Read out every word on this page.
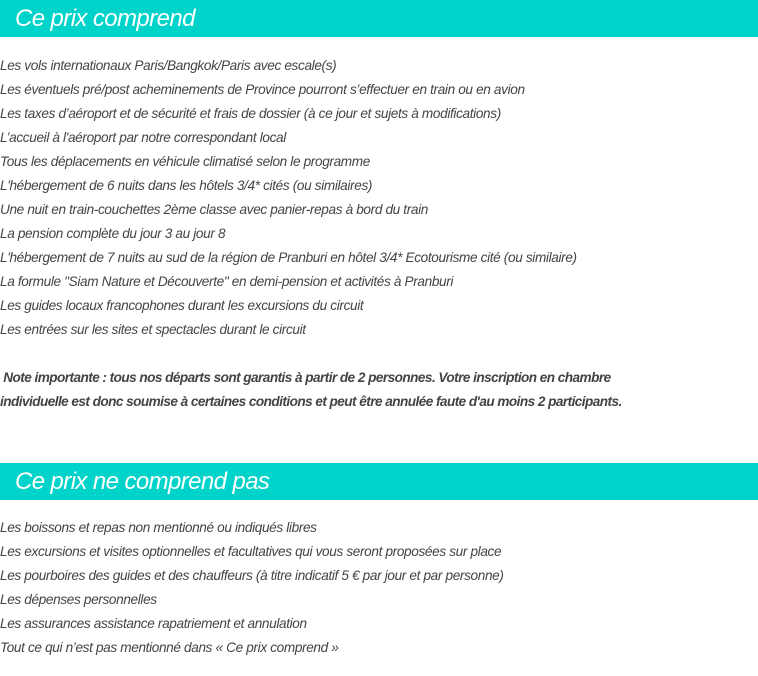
Ce prix comprend
Les vols internationaux Paris/Bangkok/Paris avec escale(s)
Les éventuels pré/post acheminements de Province pourront s’effectuer en train ou en avion
Les taxes d’aéroport et de sécurité et frais de dossier (à ce jour et sujets à modifications)
L’accueil à l'aéroport par notre correspondant local
Tous les déplacements en véhicule climatisé selon le programme
L'hébergement de 6 nuits dans les hôtels 3/4* cités (ou similaires)
Une nuit en train-couchettes 2ème classe avec panier-repas à bord du train
La pension complète du jour 3 au jour 8
L'hébergement de 7 nuits au sud de la région de Pranburi en hôtel 3/4* Ecotourisme cité (ou similaire)
La formule "Siam Nature et Découverte" en demi-pension et activités à Pranburi
Les guides locaux francophones durant les excursions du circuit
Les entrées sur les sites et spectacles durant le circuit

Note importante : tous nos départs sont garantis à partir de 2 personnes. Votre inscription en chambre
individuelle est donc soumise à certaines conditions et peut être annulée faute d'au moins 2 participants.

Ce prix ne comprend pas
Les boissons et repas non mentionné ou indiqués libres
Les excursions et visites optionnelles et facultatives qui vous seront proposées sur place
Les pourboires des guides et des chauffeurs (à titre indicatif 5 € par jour et par personne)
Les dépenses personnelles
Les assurances assistance rapatriement et annulation
Tout ce qui n’est pas mentionné dans « Ce prix comprend »
